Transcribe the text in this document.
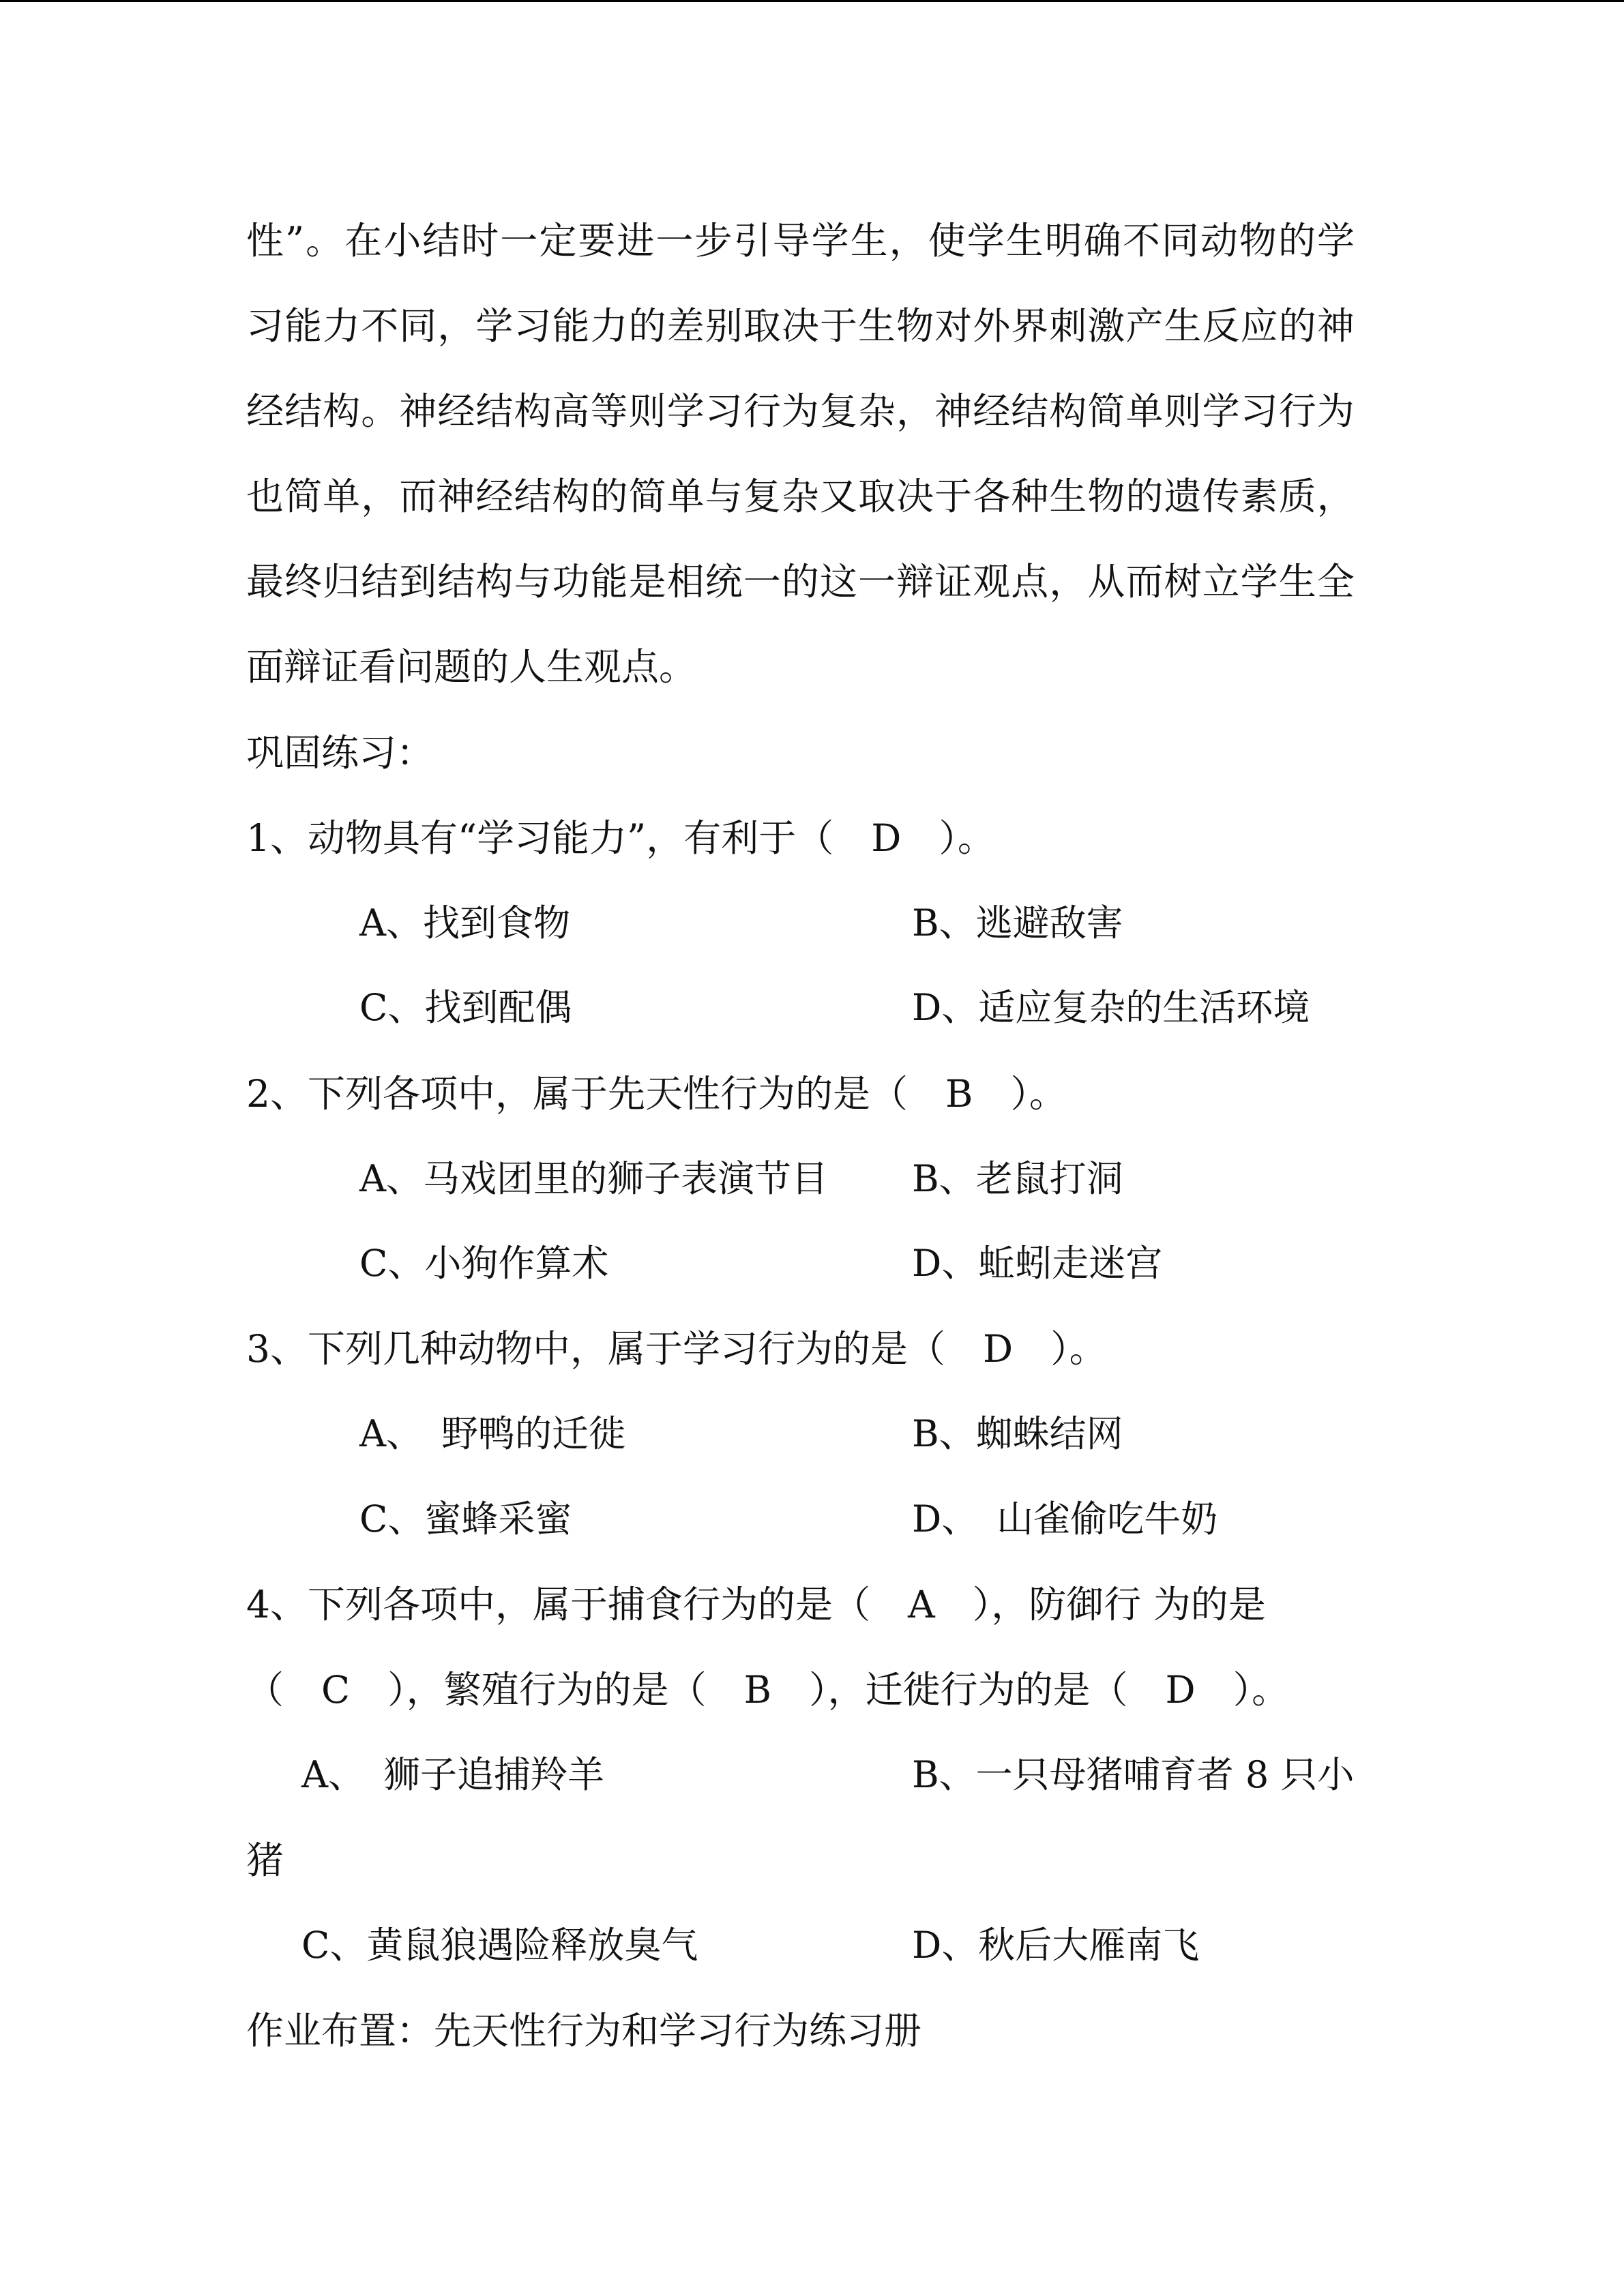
性 ” 。 在 小 结 时 一 定 要 进 一 步 引 导 学 生 ， 使 学 生 明 确 不 同 动 物 的 学
习 能 力 不 同 ， 学 习 能 力 的 差 别 取 决 于 生 物 对 外 界 刺 激 产 生 反 应 的 神
经 结 构 。 神 经 结 构 高 等 则 学 习 行 为 复 杂 ， 神 经 结 构 简 单 则 学 习 行 为
也 简 单 ， 而 神 经 结 构 的 简 单 与 复 杂 又 取 决 于 各 种 生 物 的 遗 传 素 质 ，
最 终 归 结 到 结 构 与 功 能 是 相 统 一 的 这 一 辩 证 观 点 ， 从 而 树 立 学 生 全
面辩证看问题的人生观点。
巩固练习：
1、动物具有“学习能力”，有利于（　D　）。
A、找到食物	B、逃避敌害
C、找到配偶	D、适应复杂的生活环境
2、下列各项中，属于先天性行为的是（　B　）。
A、马戏团里的狮子表演节目 B、老鼠打洞
C、小狗作算术	D、蚯蚓走迷宫
3、下列几种动物中，属于学习行为的是（　D　）。
A、　野鸭的迁徙	B、蜘蛛结网
C、蜜蜂采蜜	D、　山雀偷吃牛奶
4、下列各项中，属于捕食行为的是（　A　），防御行 为的是
（　C　），繁殖行为的是（　B　），迁徙行为的是（　D　）。
A、　狮子追捕羚羊	B、一只母猪哺育者 8 只小
猪
C、黄鼠狼遇险释放臭气	D、秋后大雁南飞
作业布置：先天性行为和学习行为练习册
